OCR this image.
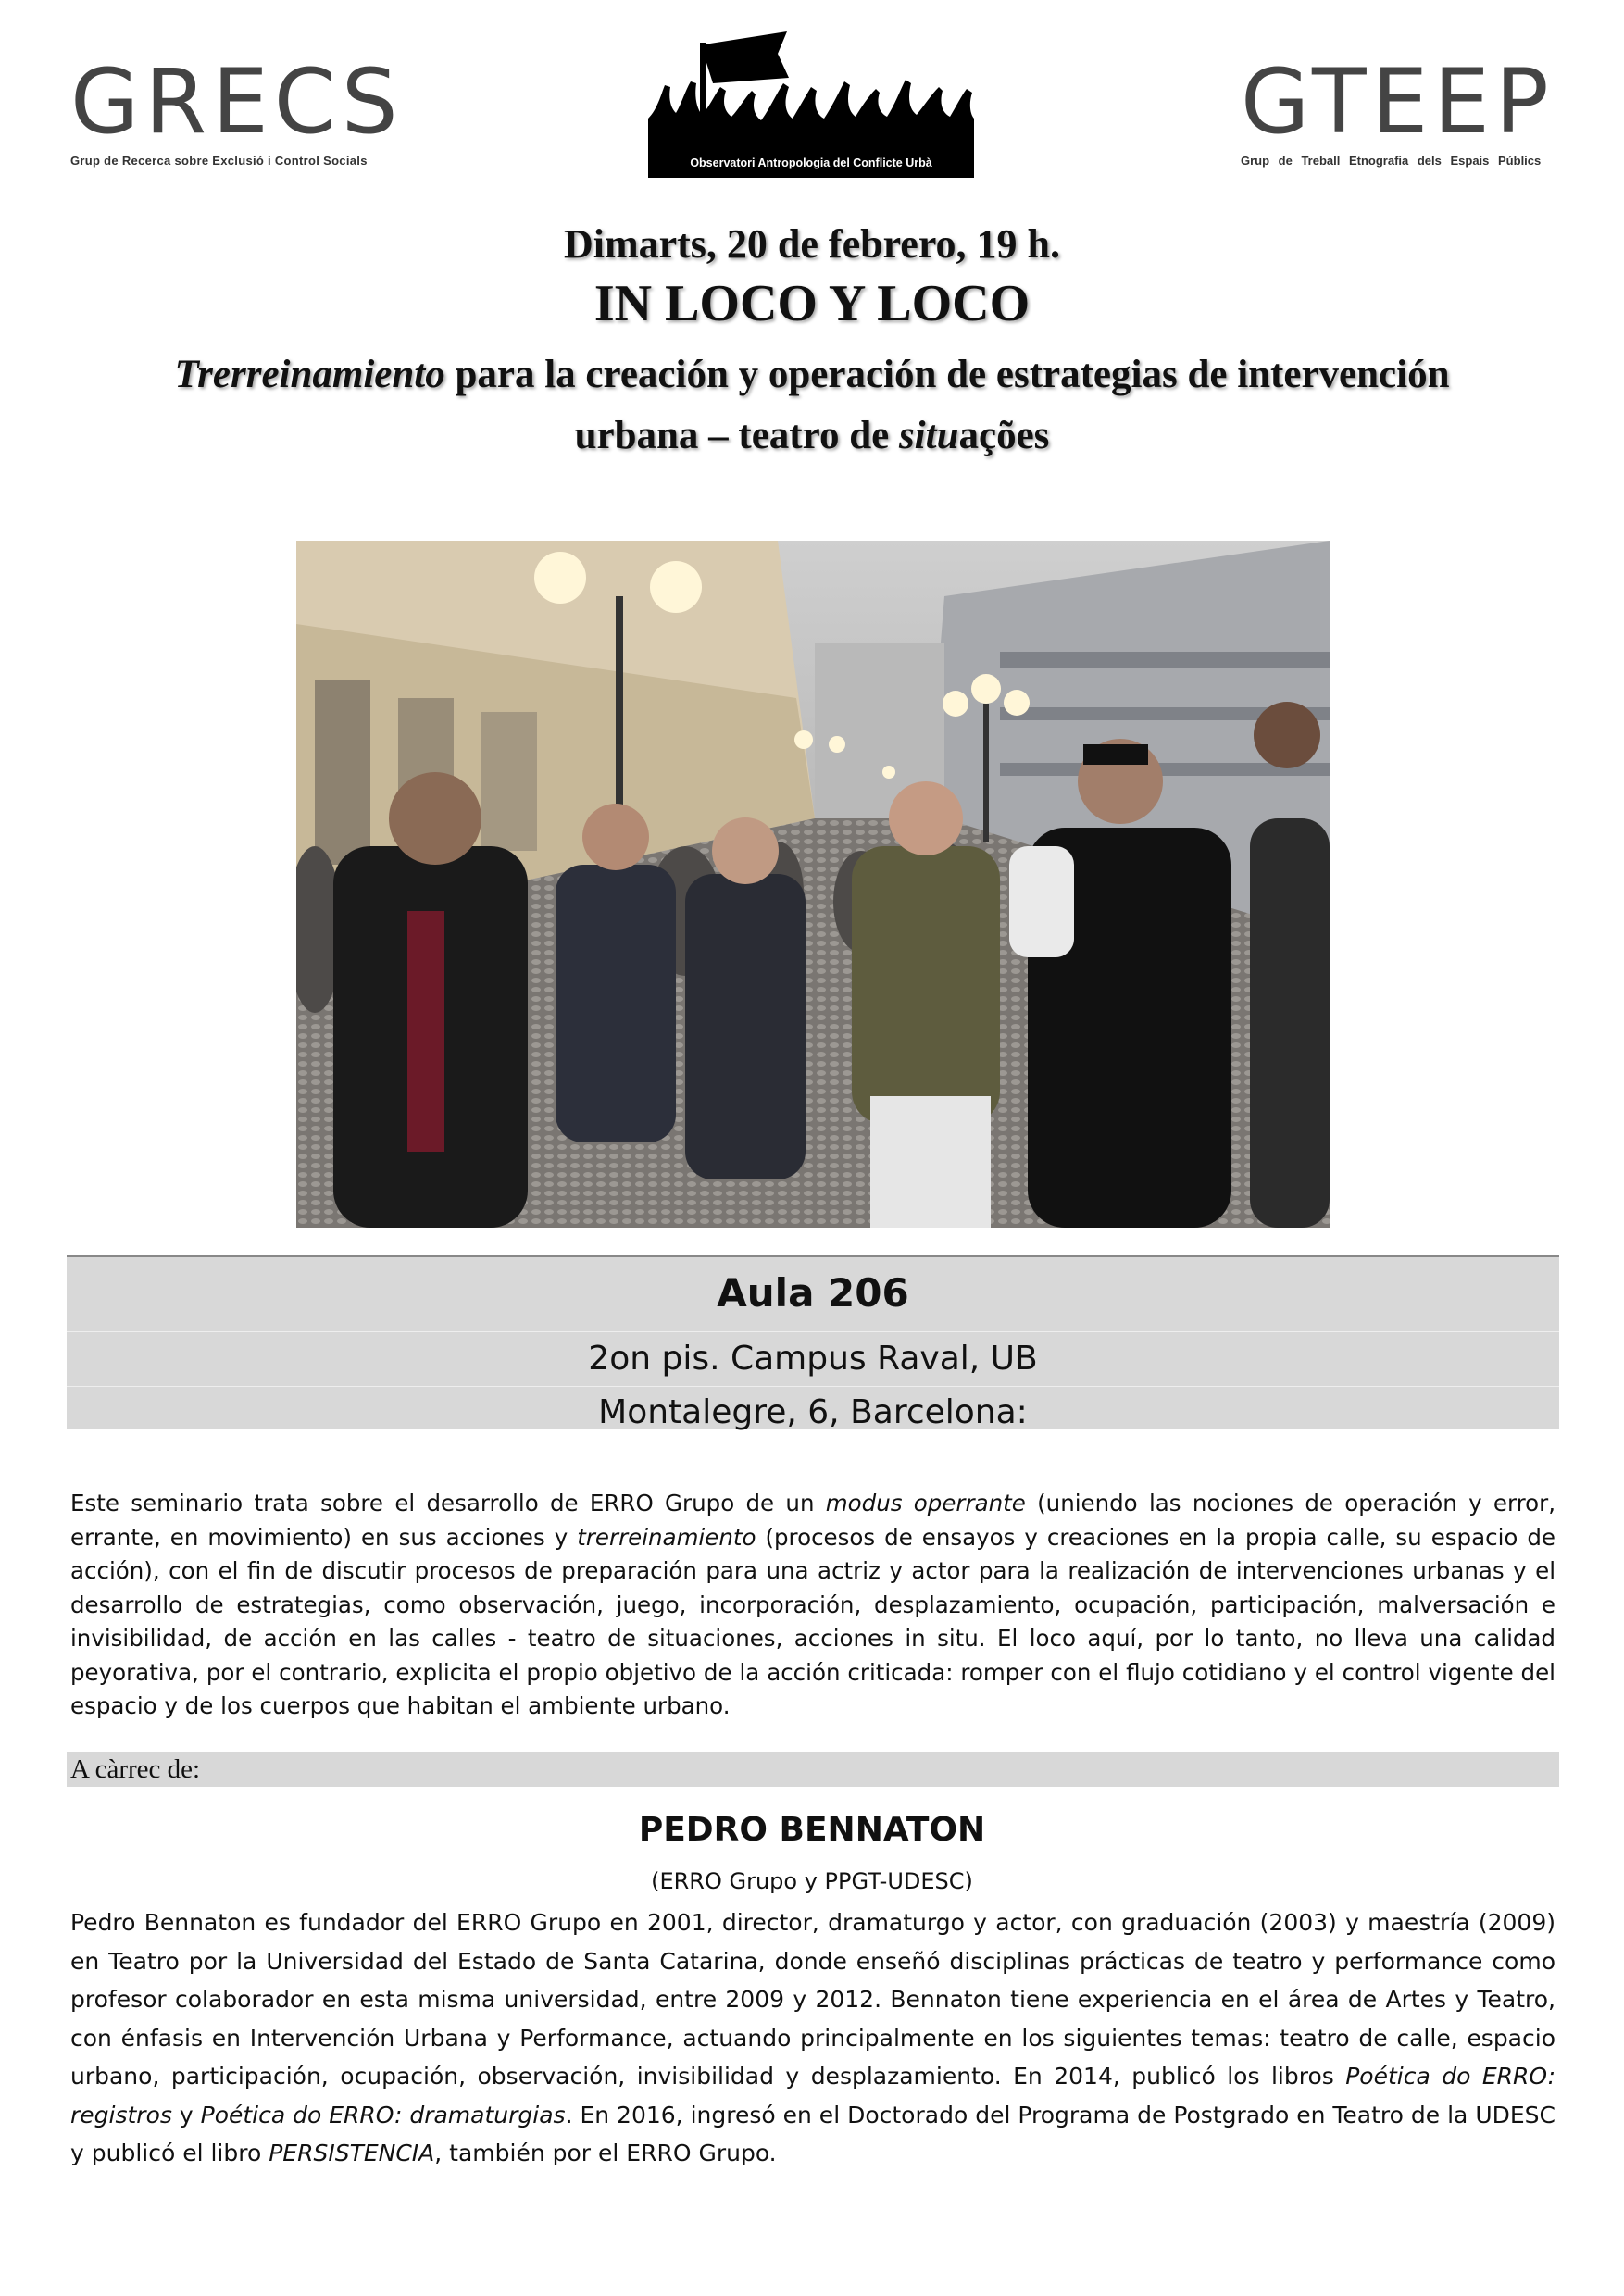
GRECS
Grup de Recerca sobre Exclusió i Control Socials	Observatori Antropologia del Conflicte Urbà
GTEEP
Grup de Treball Etnografia dels Espais Públics
Dimarts, 20 de febrero, 19 h.
IN LOCO Y LOCO
Trerreinamiento para la creación y operación de estrategias de intervención
urbana – teatro de situações
Aula 206
2on pis. Campus Raval, UB
Montalegre, 6, Barcelona:
Este seminario trata sobre el desarrollo de ERRO Grupo de un modus operrante (uniendo las nociones de operación y error, errante, en movimiento) en sus acciones y trerreinamiento (procesos de ensayos y creaciones en la propia calle, su espacio de acción), con el fin de discutir procesos de preparación para una actriz y actor para la realización de intervenciones urbanas y el desarrollo de estrategias, como observación, juego, incorporación, desplazamiento, ocupación, participación, malversación e invisibilidad, de acción en las calles - teatro de situaciones, acciones in situ. El loco aquí, por lo tanto, no lleva una calidad peyorativa, por el contrario, explicita el propio objetivo de la acción criticada: romper con el flujo cotidiano y el control vigente del espacio y de los cuerpos que habitan el ambiente urbano.
A càrrec de:
PEDRO BENNATON
(ERRO Grupo y PPGT-UDESC)
Pedro Bennaton es fundador del ERRO Grupo en 2001, director, dramaturgo y actor, con graduación (2003) y maestría (2009) en Teatro por la Universidad del Estado de Santa Catarina, donde enseñó disciplinas prácticas de teatro y performance como profesor colaborador en esta misma universidad, entre 2009 y 2012. Bennaton tiene experiencia en el área de Artes y Teatro, con énfasis en Intervención Urbana y Performance, actuando principalmente en los siguientes temas: teatro de calle, espacio urbano, participación, ocupación, observación, invisibilidad y desplazamiento. En 2014, publicó los libros Poética do ERRO: registros y Poética do ERRO: dramaturgias. En 2016, ingresó en el Doctorado del Programa de Postgrado en Teatro de la UDESC y publicó el libro PERSISTENCIA, también por el ERRO Grupo.
